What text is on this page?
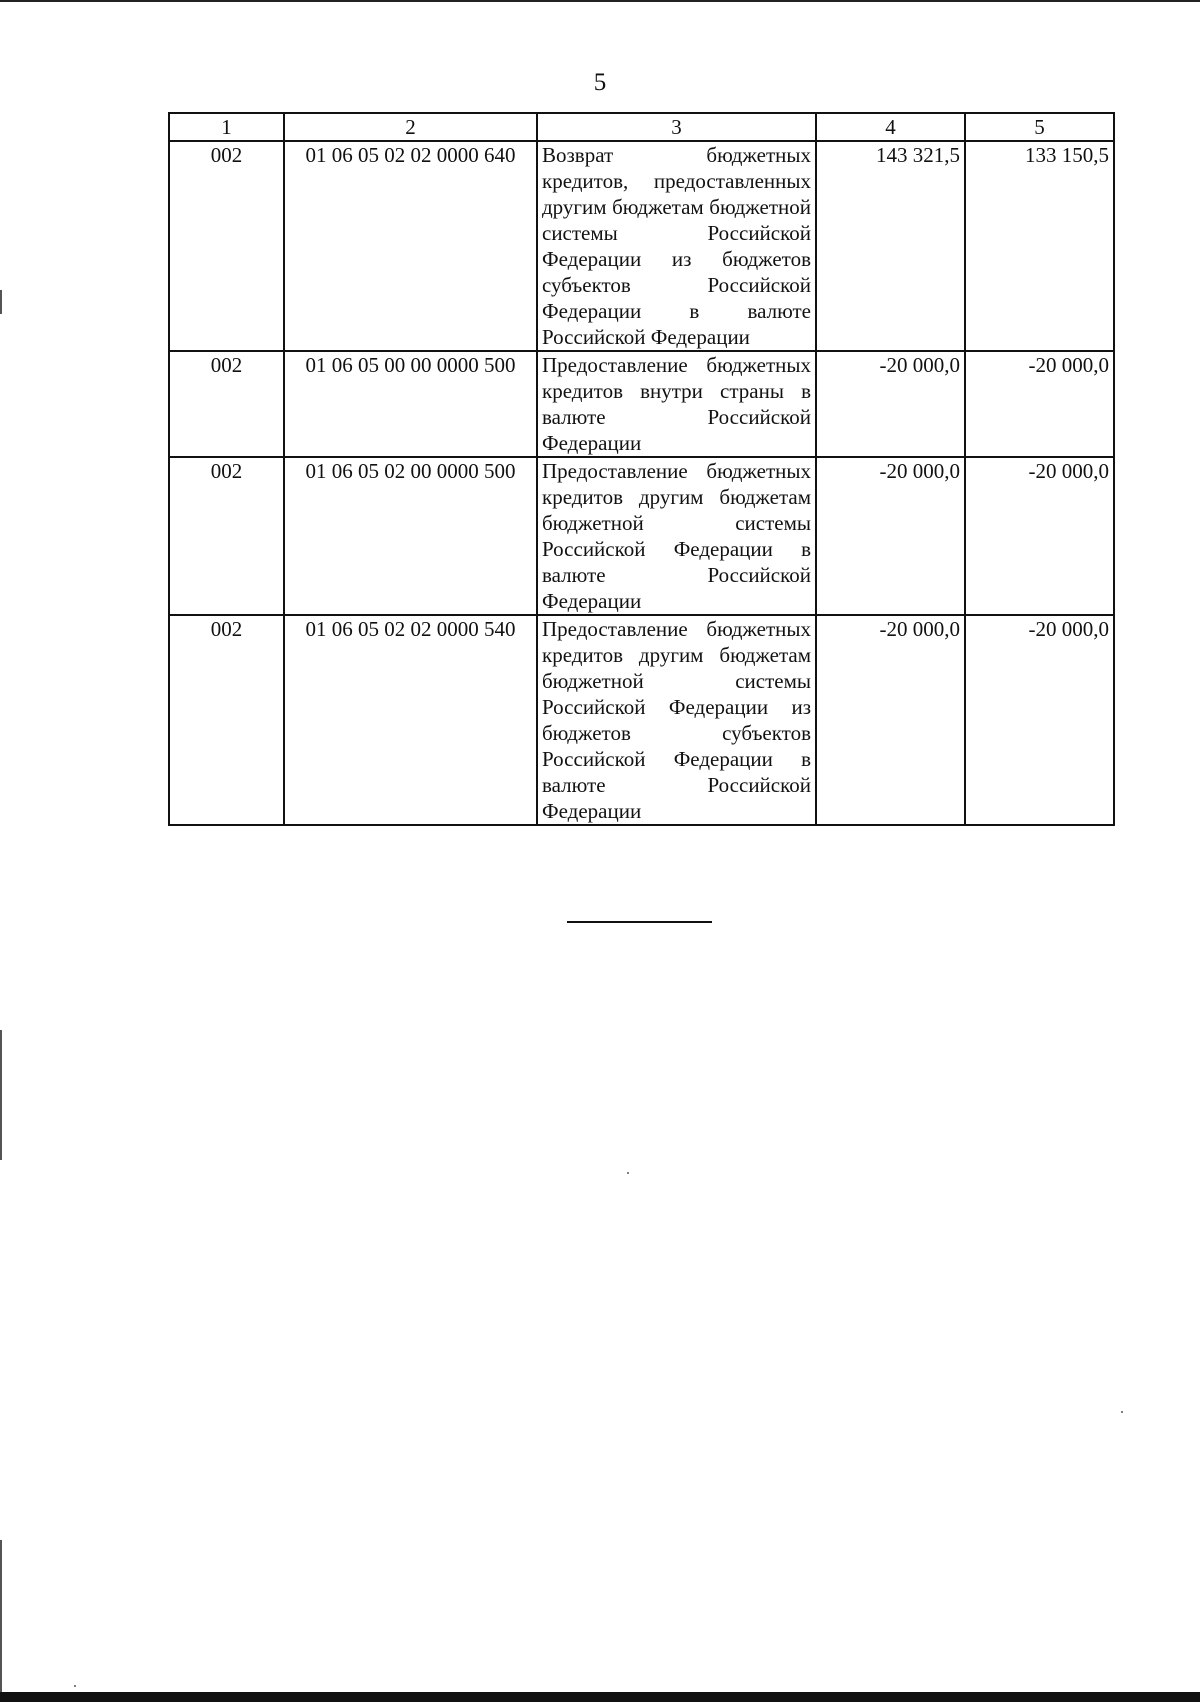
5
1	2	3	4	5
002	01 06 05 02 02 0000 640	Возврат бюджетных кредитов, предоставленных другим бюджетам бюджетной системы Российской Федерации из бюджетов субъектов Российской Федерации в валюте Российской Федерации	143 321,5	133 150,5
002	01 06 05 00 00 0000 500	Предоставление бюджетных кредитов внутри страны в валюте Российской Федерации	-20 000,0	-20 000,0
002	01 06 05 02 00 0000 500	Предоставление бюджетных кредитов другим бюджетам бюджетной системы Российской Федерации в валюте Российской Федерации	-20 000,0	-20 000,0
002	01 06 05 02 02 0000 540	Предоставление бюджетных кредитов другим бюджетам бюджетной системы Российской Федерации из бюджетов субъектов Российской Федерации в валюте Российской Федерации	-20 000,0	-20 000,0
